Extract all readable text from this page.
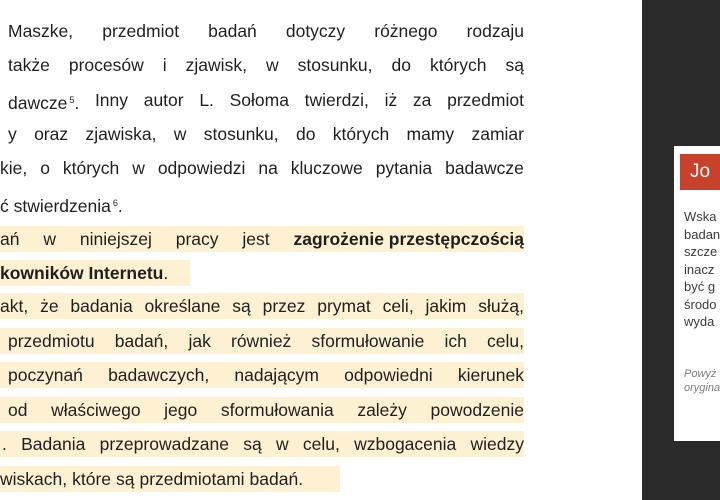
Maszke, przedmiot badań dotyczy różnego rodzaju
także procesów i zjawisk, w stosunku, do których są
dawcze $^5$. Inny autor L. Sołoma twierdzi, iż za przedmiot
y oraz zjawiska, w stosunku, do których mamy zamiar
kie, o których w odpowiedzi na kluczowe pytania badawcze
ć stwierdzenia $^6$.
ań w niniejszej pracy jest zagrożenie przestępczością
kowników Internetu.
akt, że badania określane są przez prymat celi, jakim służą,
przedmiotu badań, jak również sformułowanie ich celu,
poczynań badawczych, nadającym odpowiedni kierunek
od właściwego jego sformułowania zależy powodzenie
. Badania przeprowadzane są w celu, wzbogacenia wiedzy
wiskach, które są przedmiotami badań.
Jo
Wska
badan
szcze
inacz
być g
środo
wyda
Powyż
orygina
